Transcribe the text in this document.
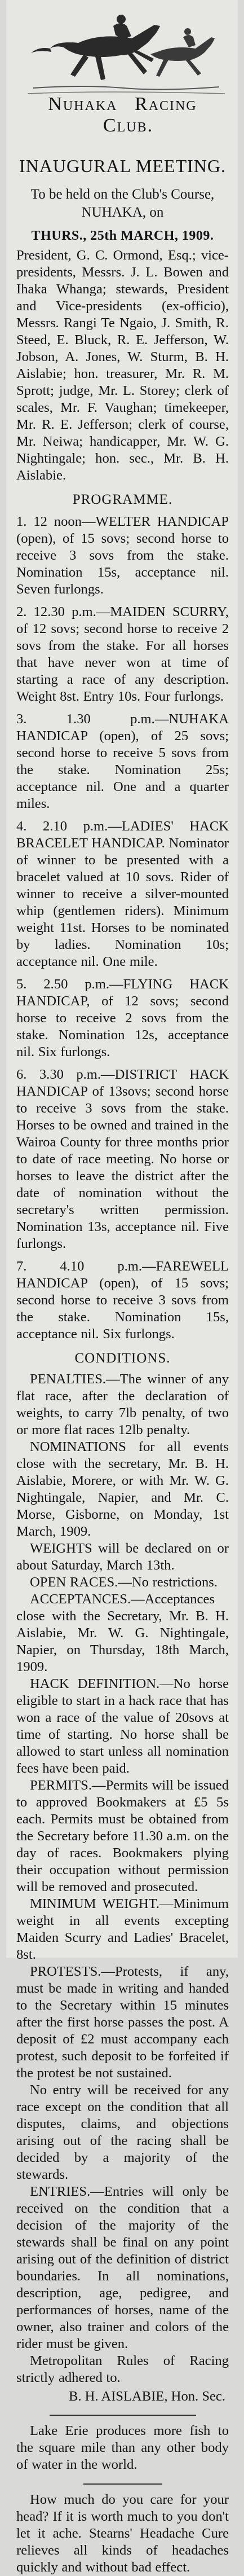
Nuhaka Racing Club.
INAUGURAL MEETING.
To be held on the Club's Course,
NUHAKA, on
THURS., 25th MARCH, 1909.

President, G. C. Ormond, Esq.; vice-presidents, Messrs. J. L. Bowen and Ihaka Whanga; stewards, President and Vice-presidents (ex-officio), Messrs. Rangi Te Ngaio, J. Smith, R. Steed, E. Bluck, R. E. Jefferson, W. Jobson, A. Jones, W. Sturm, B. H. Aislabie; hon. treasurer, Mr. R. M. Sprott; judge, Mr. L. Storey; clerk of scales, Mr. F. Vaughan; timekeeper, Mr. R. E. Jefferson; clerk of course, Mr. Neiwa; handicapper, Mr. W. G. Nightingale; hon. sec., Mr. B. H. Aislabie.

PROGRAMME.

1. 12 noon—WELTER HANDICAP (open), of 15 sovs; second horse to receive 3 sovs from the stake. Nomination 15s, acceptance nil. Seven furlongs.

2. 12.30 p.m.—MAIDEN SCURRY, of 12 sovs; second horse to receive 2 sovs from the stake. For all horses that have never won at time of starting a race of any description. Weight 8st. Entry 10s. Four furlongs.

3. 1.30 p.m.—NUHAKA HANDICAP (open), of 25 sovs; second horse to receive 5 sovs from the stake. Nomination 25s; acceptance nil. One and a quarter miles.

4. 2.10 p.m.—LADIES' HACK BRACELET HANDICAP. Nominator of winner to be presented with a bracelet valued at 10 sovs. Rider of winner to receive a silver-mounted whip (gentlemen riders). Minimum weight 11st. Horses to be nominated by ladies. Nomination 10s; acceptance nil. One mile.

5. 2.50 p.m.—FLYING HACK HANDICAP, of 12 sovs; second horse to receive 2 sovs from the stake. Nomination 12s, acceptance nil. Six furlongs.

6. 3.30 p.m.—DISTRICT HACK HANDICAP of 13sovs; second horse to receive 3 sovs from the stake. Horses to be owned and trained in the Wairoa County for three months prior to date of race meeting. No horse or horses to leave the district after the date of nomination without the secretary's written permission. Nomination 13s, acceptance nil. Five furlongs.

7. 4.10 p.m.—FAREWELL HANDICAP (open), of 15 sovs; second horse to receive 3 sovs from the stake. Nomination 15s, acceptance nil. Six furlongs.

CONDITIONS.

PENALTIES.—The winner of any flat race, after the declaration of weights, to carry 7lb penalty, of two or more flat races 12lb penalty.

NOMINATIONS for all events close with the secretary, Mr. B. H. Aislabie, Morere, or with Mr. W. G. Nightingale, Napier, and Mr. C. Morse, Gisborne, on Monday, 1st March, 1909.

WEIGHTS will be declared on or about Saturday, March 13th.

OPEN RACES.—No restrictions.

ACCEPTANCES.—Acceptances close with the Secretary, Mr. B. H. Aislabie, Mr. W. G. Nightingale, Napier, on Thursday, 18th March, 1909.

HACK DEFINITION.—No horse eligible to start in a hack race that has won a race of the value of 20sovs at time of starting. No horse shall be allowed to start unless all nomination fees have been paid.

PERMITS.—Permits will be issued to approved Bookmakers at £5 5s each. Permits must be obtained from the Secretary before 11.30 a.m. on the day of races. Bookmakers plying their occupation without permission will be removed and prosecuted.

MINIMUM WEIGHT.—Minimum weight in all events excepting Maiden Scurry and Ladies' Bracelet, 8st.

PROTESTS.—Protests, if any, must be made in writing and handed to the Secretary within 15 minutes after the first horse passes the post. A deposit of £2 must accompany each protest, such deposit to be forfeited if the protest be not sustained.

No entry will be received for any race except on the condition that all disputes, claims, and objections arising out of the racing shall be decided by a majority of the stewards.

ENTRIES.—Entries will only be received on the condition that a decision of the majority of the stewards shall be final on any point arising out of the definition of district boundaries. In all nominations, description, age, pedigree, and performances of horses, name of the owner, also trainer and colors of the rider must be given.

Metropolitan Rules of Racing strictly adhered to.

B. H. AISLABIE, Hon. Sec.

Lake Erie produces more fish to the square mile than any other body of water in the world.

How much do you care for your head? If it is worth much to you don't let it ache. Stearns' Headache Cure relieves all kinds of headaches quickly and without bad effect.
